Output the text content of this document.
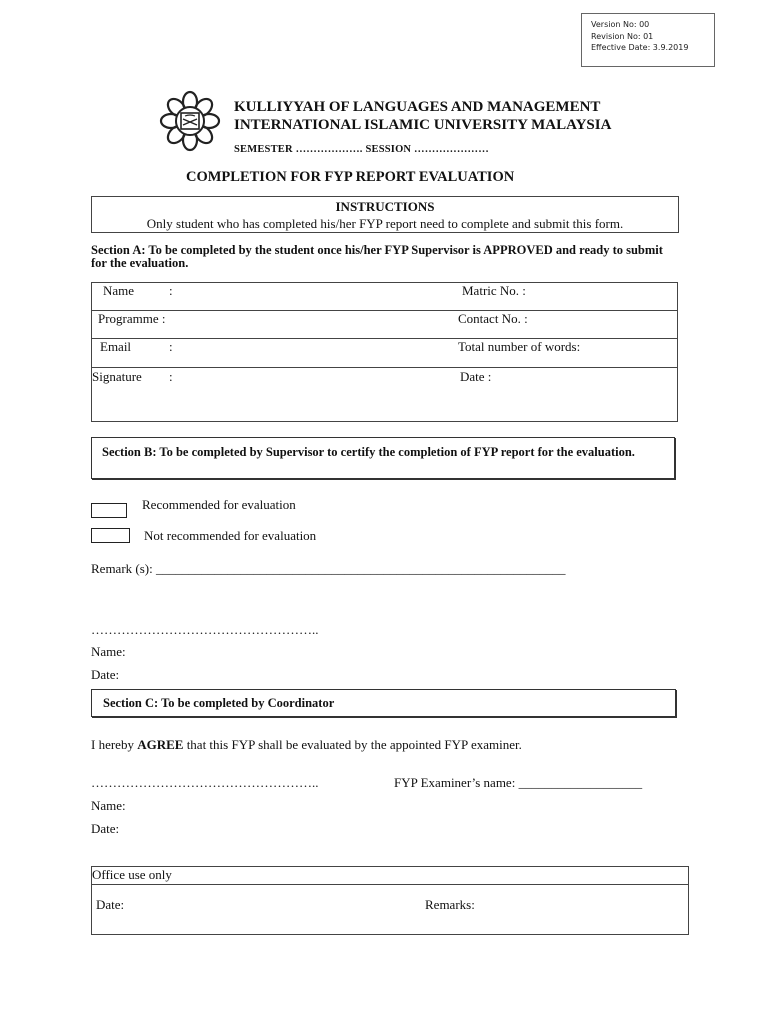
Version No: 00
Revision No: 01
Effective Date: 3.9.2019
KULLIYYAH OF LANGUAGES AND MANAGEMENT
INTERNATIONAL ISLAMIC UNIVERSITY MALAYSIA
SEMESTER ………………. SESSION …………………
COMPLETION FOR FYP REPORT EVALUATION
INSTRUCTIONS
Only student who has completed his/her FYP report need to complete and submit this form.
Section A: To be completed by the student once his/her FYP Supervisor is APPROVED and ready to submit for the evaluation.
Name	:	Matric No. :
Programme :	Contact No. :
Email	:	Total number of words:
Signature :	Date :
Section B: To be completed by Supervisor to certify the completion of FYP report for the evaluation.
Recommended for evaluation
Not recommended for evaluation
Remark (s): _______________________________________________________________
……………………………………………..
Name:
Date:
Section C: To be completed by Coordinator
I hereby AGREE that this FYP shall be evaluated by the appointed FYP examiner.
……………………………………………..	FYP Examiner’s name: ___________________
Name:
Date:
Office use only
Date:	Remarks:
